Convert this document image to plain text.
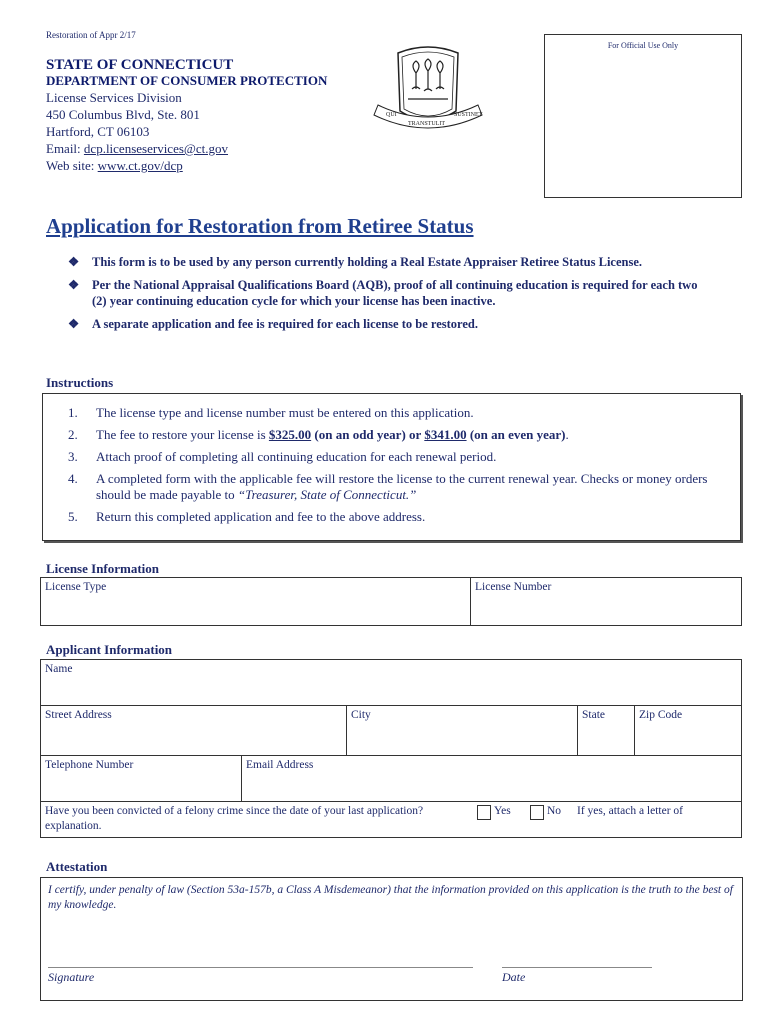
Restoration of Appr 2/17
For Official Use Only
STATE OF CONNECTICUT
DEPARTMENT OF CONSUMER PROTECTION
License Services Division
450 Columbus Blvd, Ste. 801
Hartford, CT 06103
Email: dcp.licenseservices@ct.gov
Web site: www.ct.gov/dcp
QUI
TRANSTULIT
SUSTINET
Application for Restoration from Retiree Status
❖	This form is to be used by any person currently holding a Real Estate Appraiser Retiree Status License.
❖	Per the National Appraisal Qualifications Board (AQB), proof of all continuing education is required for each two (2) year continuing education cycle for which your license has been inactive.
❖	A separate application and fee is required for each license to be restored.
Instructions
1.	The license type and license number must be entered on this application.
2.	The fee to restore your license is $325.00 (on an odd year) or $341.00 (on an even year).
3.	Attach proof of completing all continuing education for each renewal period.
4.	A completed form with the applicable fee will restore the license to the current renewal year. Checks or money orders should be made payable to “Treasurer, State of Connecticut.”
5.	Return this completed application and fee to the above address.
License Information
License Type	License Number
Applicant Information
Name
Street Address	City	State	Zip Code
Telephone Number	Email Address

Have you been convicted of a felony crime since the date of your last application?	Yes	No	If yes, attach a letter of
explanation.
Attestation
I certify, under penalty of law (Section 53a-157b, a Class A Misdemeanor) that the information provided on this application is the truth to the best of my knowledge.
Signature	Date
